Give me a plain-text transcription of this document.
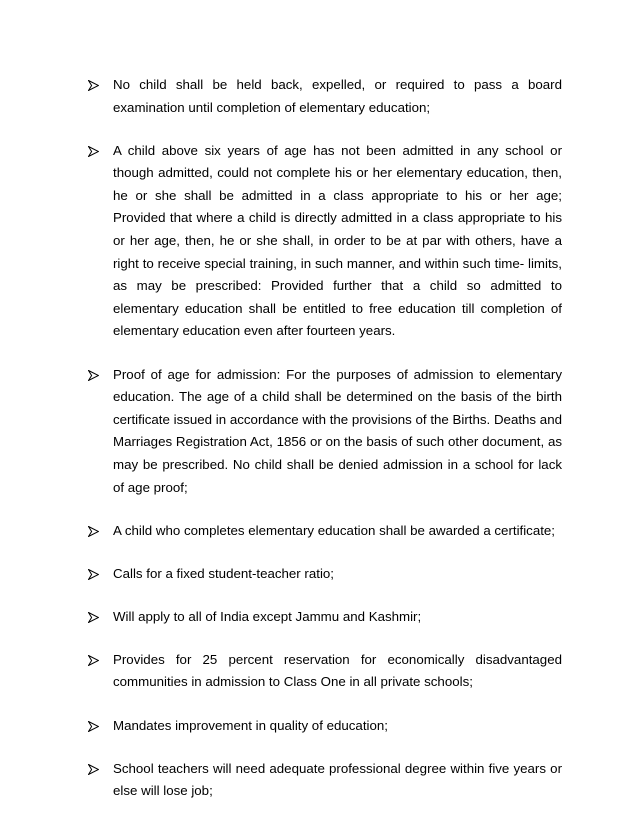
No child shall be held back, expelled, or required to pass a board examination until completion of elementary education;
A child above six years of age has not been admitted in any school or though admitted, could not complete his or her elementary education, then, he or she shall be admitted in a class appropriate to his or her age; Provided that where a child is directly admitted in a class appropriate to his or her age, then, he or she shall, in order to be at par with others, have a right to receive special training, in such manner, and within such time- limits, as may be prescribed: Provided further that a child so admitted to elementary education shall be entitled to free education till completion of elementary education even after fourteen years.
Proof of age for admission: For the purposes of admission to elementary education. The age of a child shall be determined on the basis of the birth certificate issued in accordance with the provisions of the Births. Deaths and Marriages Registration Act, 1856 or on the basis of such other document, as may be prescribed. No child shall be denied admission in a school for lack of age proof;
A child who completes elementary education shall be awarded a certificate;
Calls for a fixed student-teacher ratio;
Will apply to all of India except Jammu and Kashmir;
Provides for 25 percent reservation for economically disadvantaged communities in admission to Class One in all private schools;
Mandates improvement in quality of education;
School teachers will need adequate professional degree within five years or else will lose job;
